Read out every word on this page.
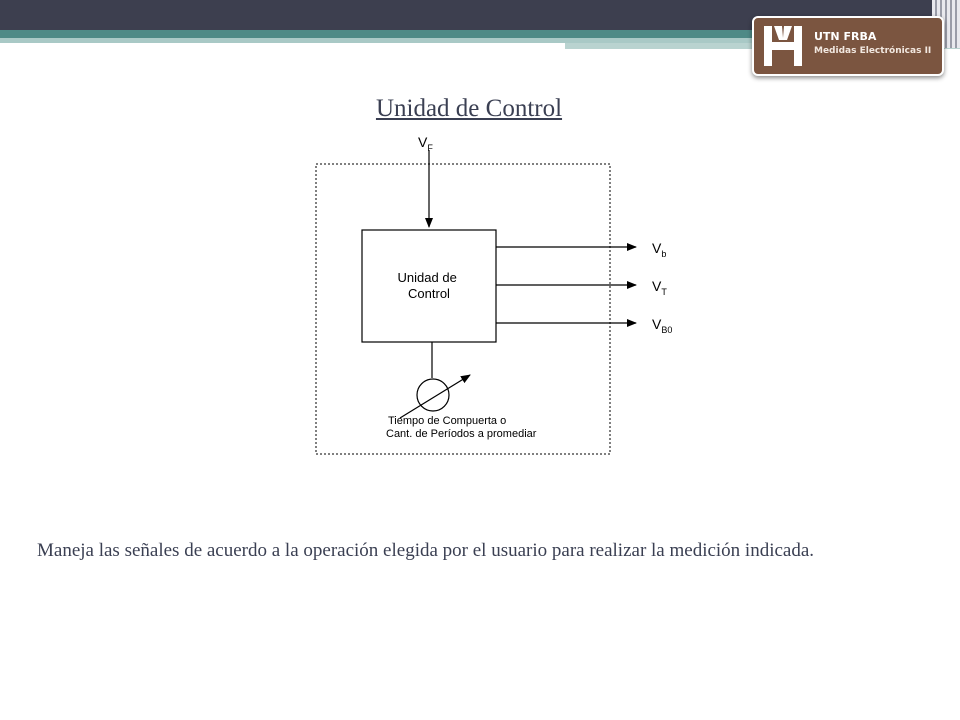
UTN FRBA
Medidas Electrónicas II
Unidad de Control
$V_F$
Unidad de Control
$V_b$
$V_T$
$V_{B0}$
Tiempo de Compuerta o Cant. de Períodos a promediar
Maneja las señales de acuerdo a la operación elegida por el usuario para realizar la medición indicada.
